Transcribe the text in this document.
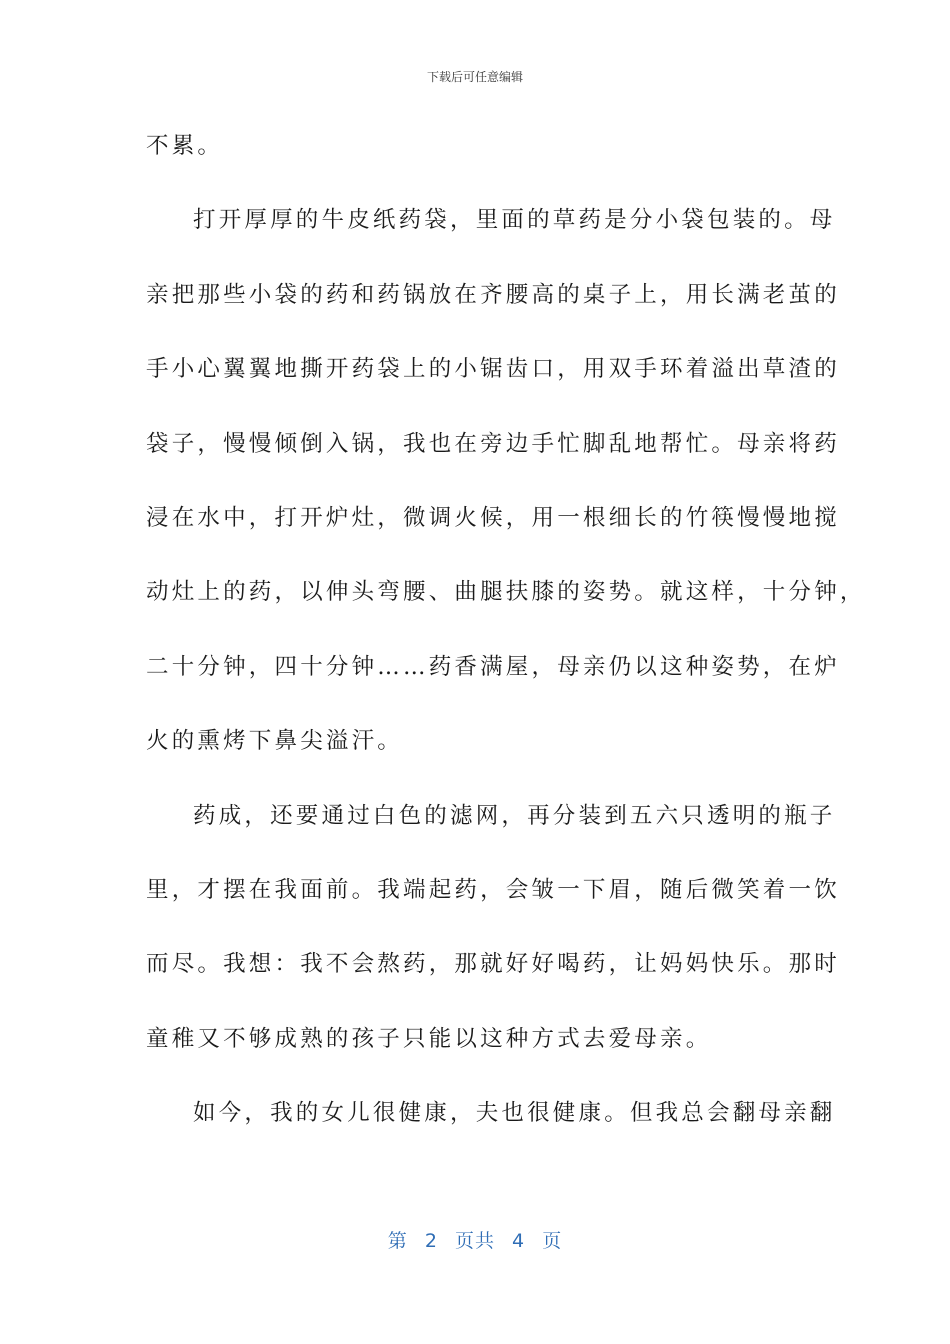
下载后可任意编辑
不累。
打开厚厚的牛皮纸药袋，里面的草药是分小袋包装的。母
亲把那些小袋的药和药锅放在齐腰高的桌子上，用长满老茧的
手小心翼翼地撕开药袋上的小锯齿口，用双手环着溢出草渣的
袋子，慢慢倾倒入锅，我也在旁边手忙脚乱地帮忙。母亲将药
浸在水中，打开炉灶，微调火候，用一根细长的竹筷慢慢地搅
动灶上的药，以伸头弯腰、曲腿扶膝的姿势。就这样，十分钟，
二十分钟，四十分钟……药香满屋，母亲仍以这种姿势，在炉
火的熏烤下鼻尖溢汗。
药成，还要通过白色的滤网，再分装到五六只透明的瓶子
里，才摆在我面前。我端起药，会皱一下眉，随后微笑着一饮
而尽。我想：我不会熬药，那就好好喝药，让妈妈快乐。那时
童稚又不够成熟的孩子只能以这种方式去爱母亲。
如今，我的女儿很健康，夫也很健康。但我总会翻母亲翻
第 2 页共 4 页
